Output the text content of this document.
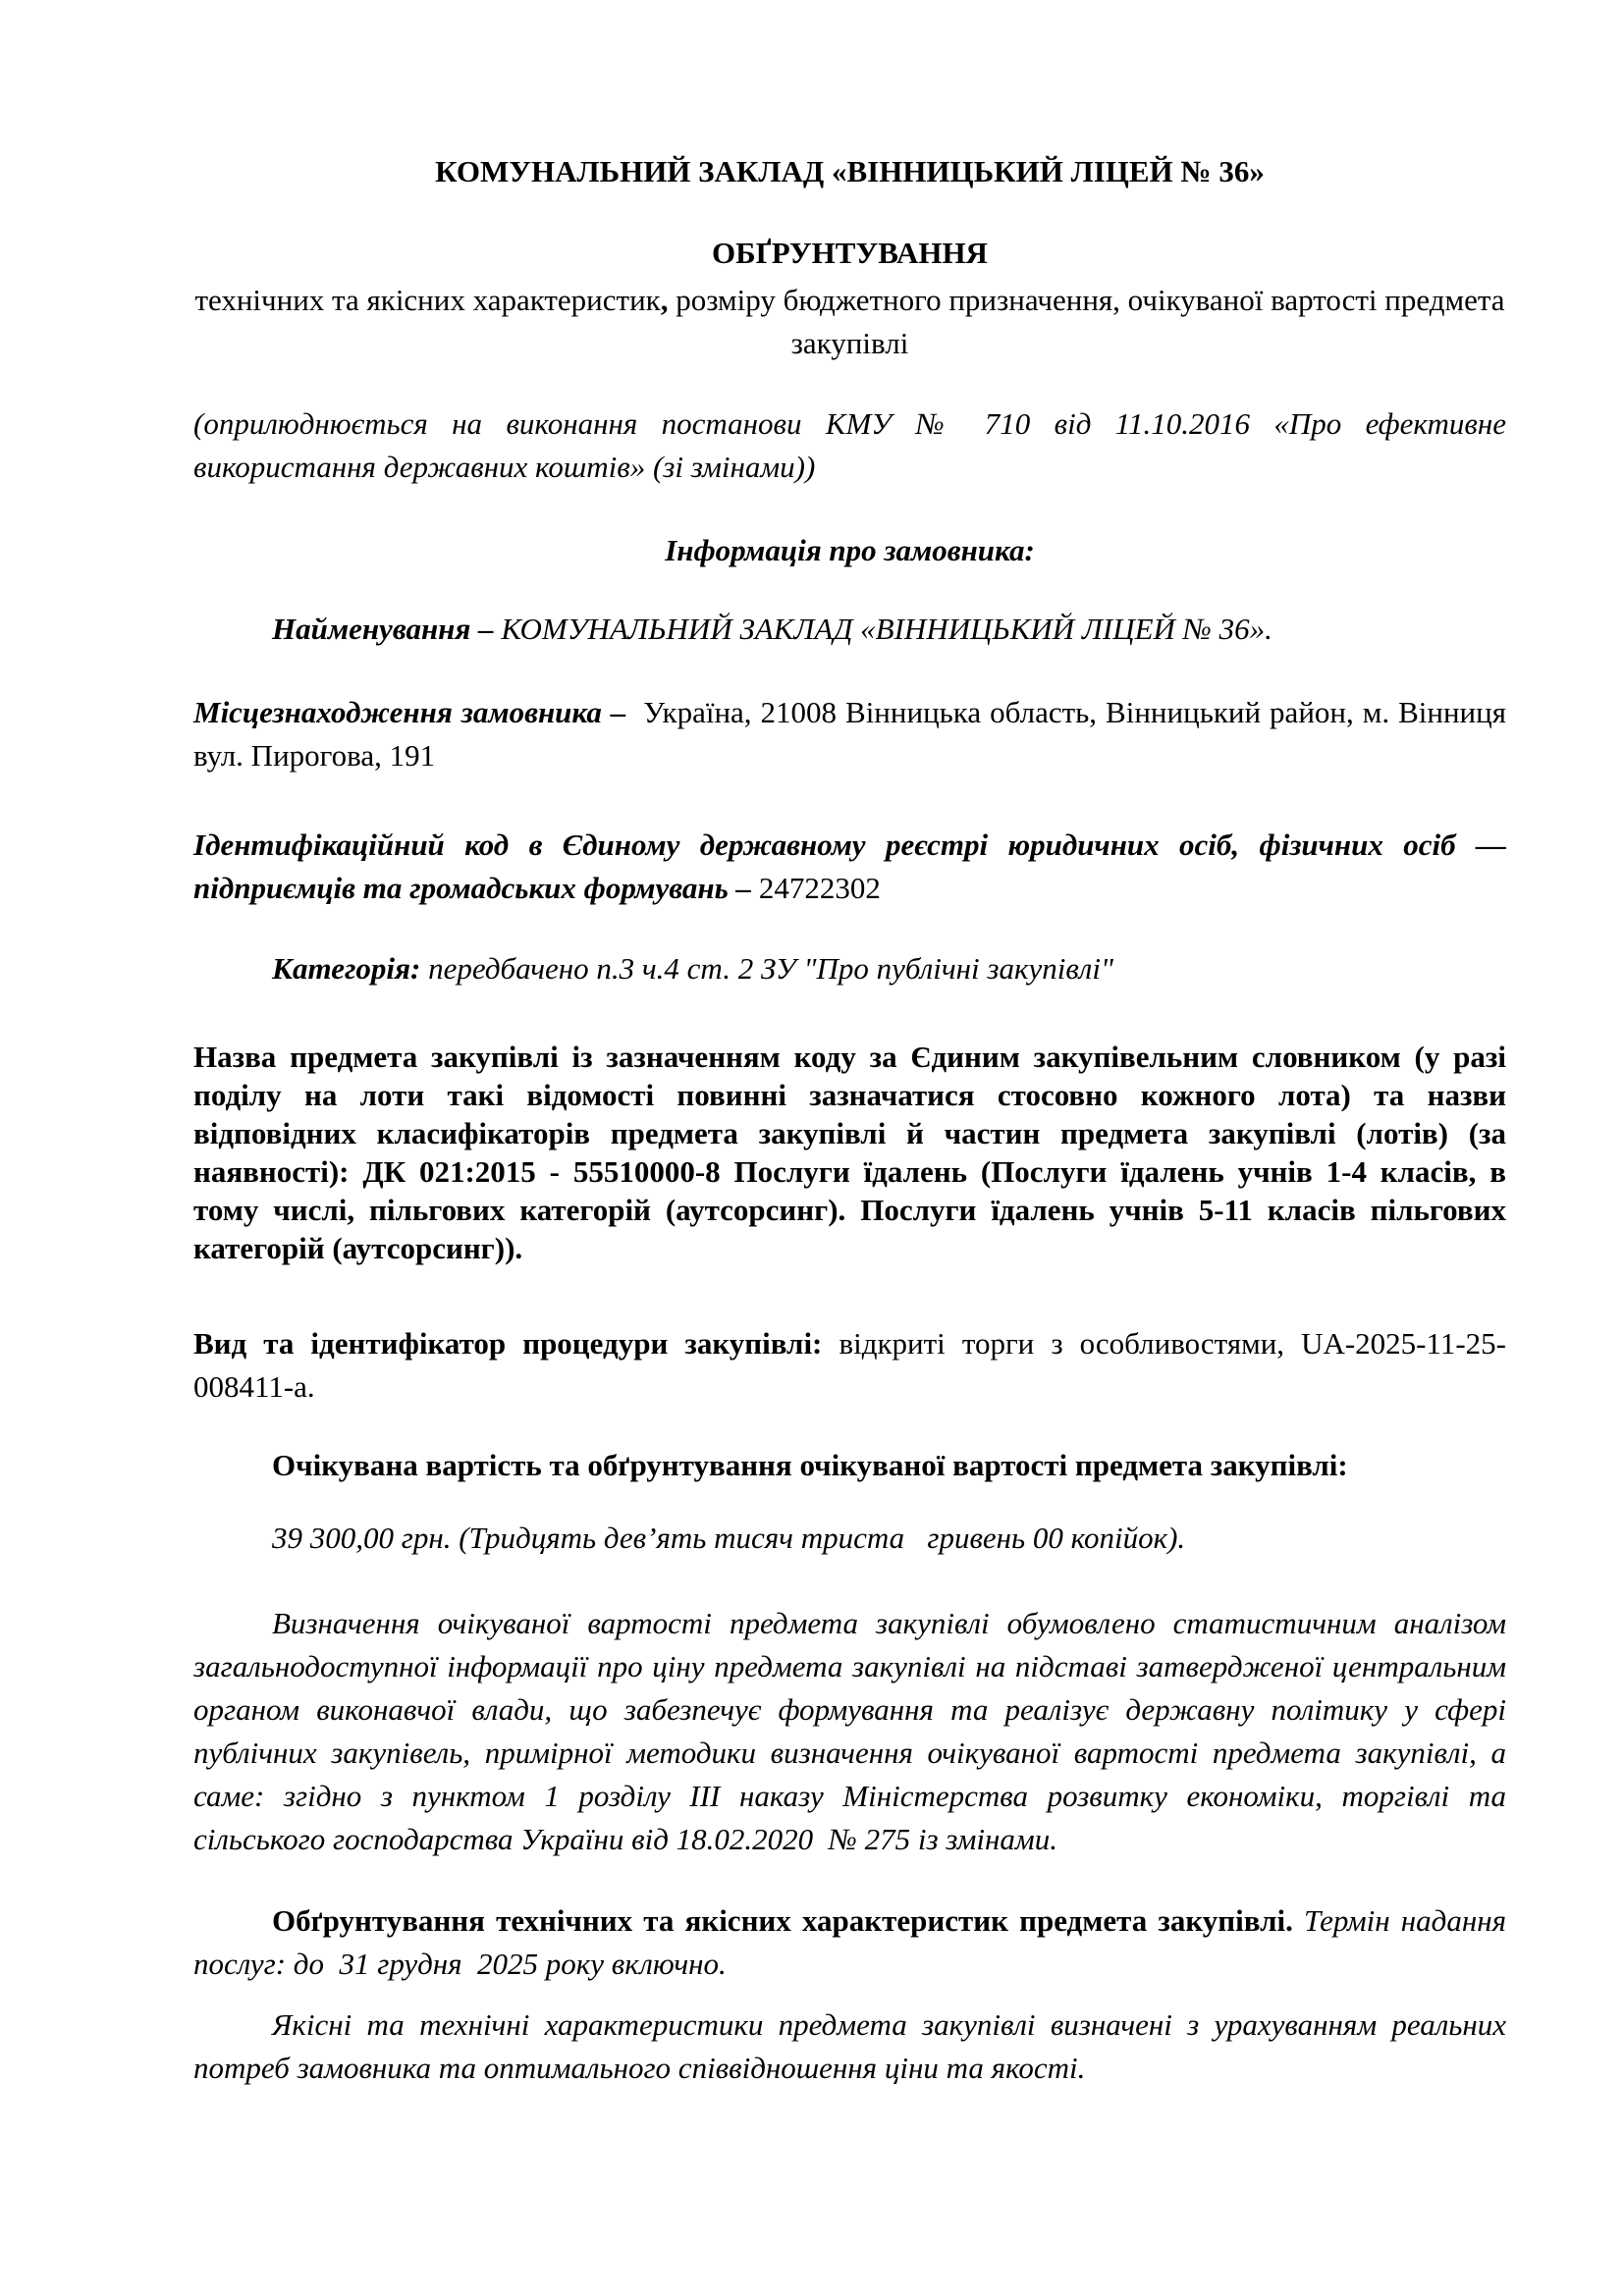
КОМУНАЛЬНИЙ ЗАКЛАД «ВІННИЦЬКИЙ ЛІЦЕЙ № 36»

ОБҐРУНТУВАННЯ

технічних та якісних характеристик, розміру бюджетного призначення, очікуваної вартості предмета закупівлі

(оприлюднюється на виконання постанови КМУ № 710 від 11.10.2016 «Про ефективне використання державних коштів» (зі змінами))

Інформація про замовника:

Найменування – КОМУНАЛЬНИЙ ЗАКЛАД «ВІННИЦЬКИЙ ЛІЦЕЙ № 36».

Місцезнаходження замовника –  Україна, 21008 Вінницька область, Вінницький район, м. Вінниця вул. Пирогова, 191

Ідентифікаційний код в Єдиному державному реєстрі юридичних осіб, фізичних осіб — підприємців та громадських формувань – 24722302

Категорія: передбачено п.3 ч.4 ст. 2 ЗУ "Про публічні закупівлі"

Назва предмета закупівлі із зазначенням коду за Єдиним закупівельним словником (у разі поділу на лоти такі відомості повинні зазначатися стосовно кожного лота) та назви відповідних класифікаторів предмета закупівлі й частин предмета закупівлі (лотів) (за наявності): ДК 021:2015 - 55510000-8 Послуги їдалень (Послуги їдалень учнів 1-4 класів, в тому числі, пільгових категорій (аутсорсинг). Послуги їдалень учнів 5-11 класів пільгових категорій (аутсорсинг)).

Вид та ідентифікатор процедури закупівлі: відкриті торги з особливостями, UA-2025-11-25-008411-а.

Очікувана вартість та обґрунтування очікуваної вартості предмета закупівлі:

39 300,00 грн. (Тридцять дев’ять тисяч триста   гривень 00 копійок).

Визначення очікуваної вартості предмета закупівлі обумовлено статистичним аналізом загальнодоступної інформації про ціну предмета закупівлі на підставі затвердженої центральним органом виконавчої влади, що забезпечує формування та реалізує державну політику у сфері публічних закупівель, примірної методики визначення очікуваної вартості предмета закупівлі, а саме: згідно з пунктом 1 розділу ІІІ наказу Міністерства розвитку економіки, торгівлі та сільського господарства України від 18.02.2020  № 275 із змінами.

Обґрунтування технічних та якісних характеристик предмета закупівлі. Термін надання послуг: до  31 грудня  2025 року включно.

Якісні та технічні характеристики предмета закупівлі визначені з урахуванням реальних потреб замовника та оптимального співвідношення ціни та якості.
